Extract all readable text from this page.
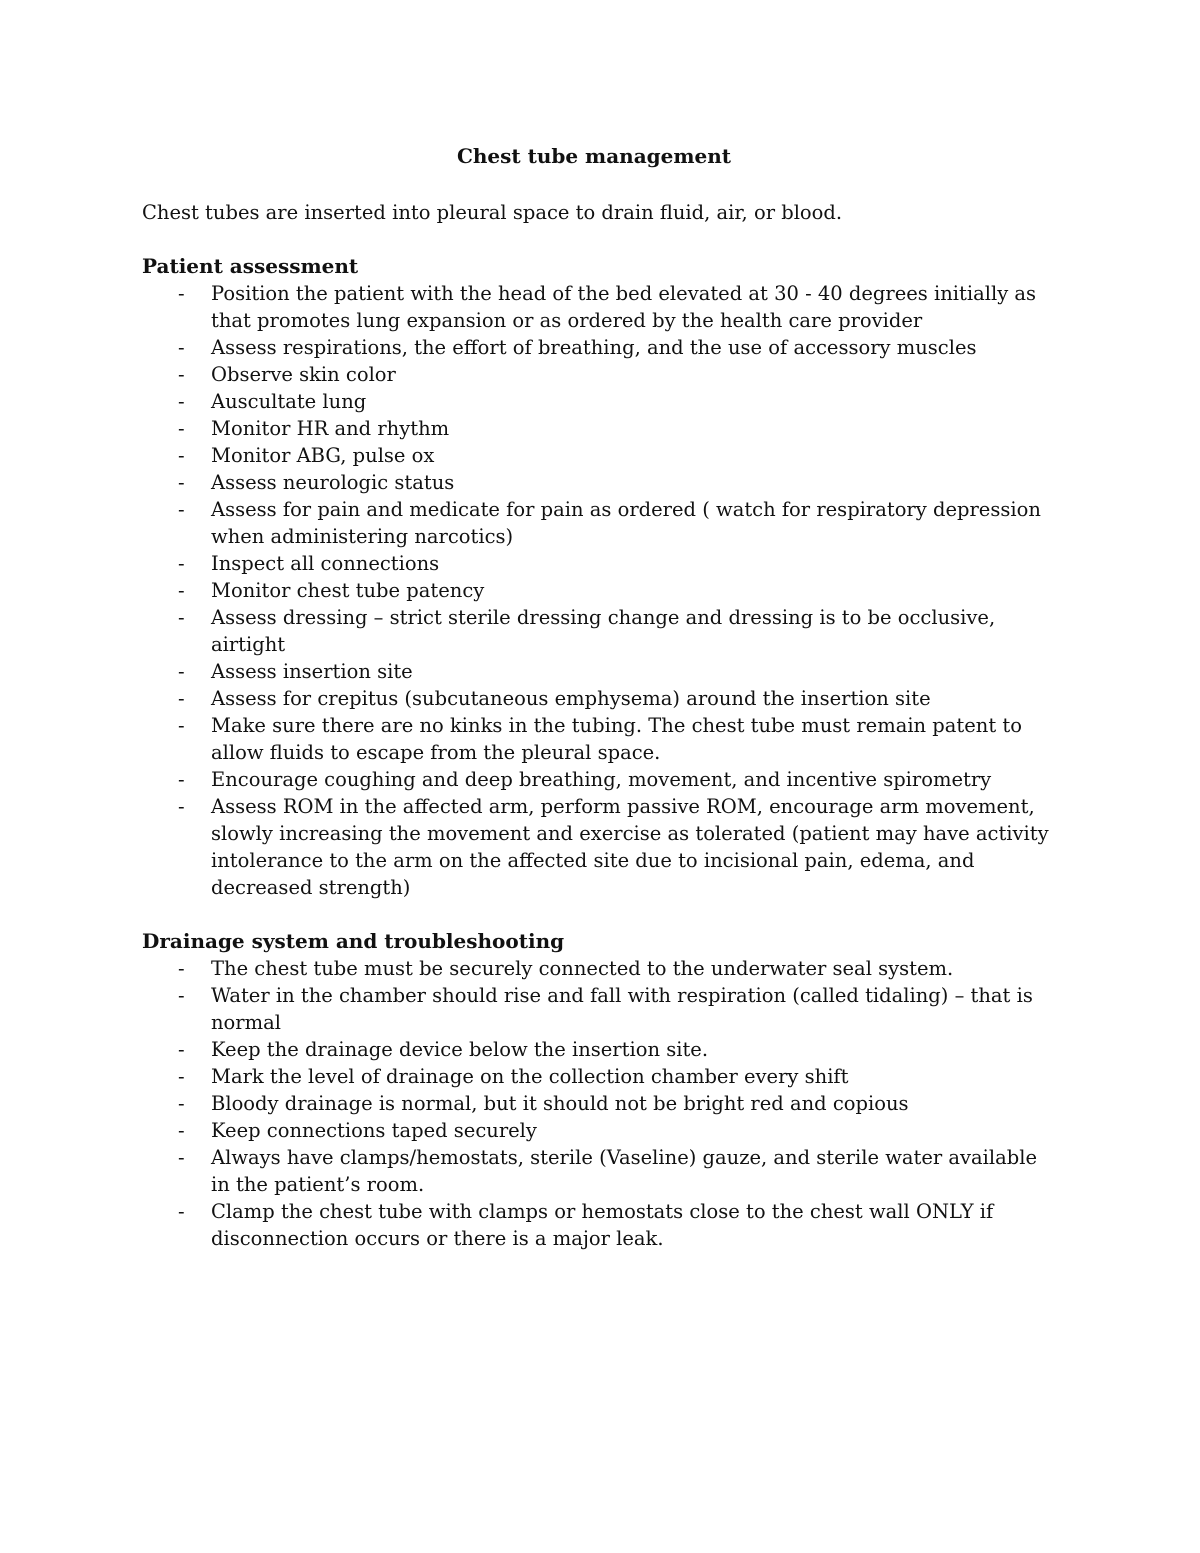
Chest tube management
Chest tubes are inserted into pleural space to drain fluid, air, or blood.
Patient assessment
- Position the patient with the head of the bed elevated at 30 - 40 degrees initially as that promotes lung expansion or as ordered by the health care provider
- Assess respirations, the effort of breathing, and the use of accessory muscles
- Observe skin color
- Auscultate lung
- Monitor HR and rhythm
- Monitor ABG, pulse ox
- Assess neurologic status
- Assess for pain and medicate for pain as ordered ( watch for respiratory depression when administering narcotics)
- Inspect all connections
- Monitor chest tube patency
- Assess dressing – strict sterile dressing change and dressing is to be occlusive, airtight
- Assess insertion site
- Assess for crepitus (subcutaneous emphysema) around the insertion site
- Make sure there are no kinks in the tubing. The chest tube must remain patent to allow fluids to escape from the pleural space.
- Encourage coughing and deep breathing, movement, and incentive spirometry
- Assess ROM in the affected arm, perform passive ROM, encourage arm movement, slowly increasing the movement and exercise as tolerated (patient may have activity intolerance to the arm on the affected site due to incisional pain, edema, and decreased strength)
Drainage system and troubleshooting
- The chest tube must be securely connected to the underwater seal system.
- Water in the chamber should rise and fall with respiration (called tidaling) – that is normal
- Keep the drainage device below the insertion site.
- Mark the level of drainage on the collection chamber every shift
- Bloody drainage is normal, but it should not be bright red and copious
- Keep connections taped securely
- Always have clamps/hemostats, sterile (Vaseline) gauze, and sterile water available in the patient’s room.
- Clamp the chest tube with clamps or hemostats close to the chest wall ONLY if disconnection occurs or there is a major leak.
